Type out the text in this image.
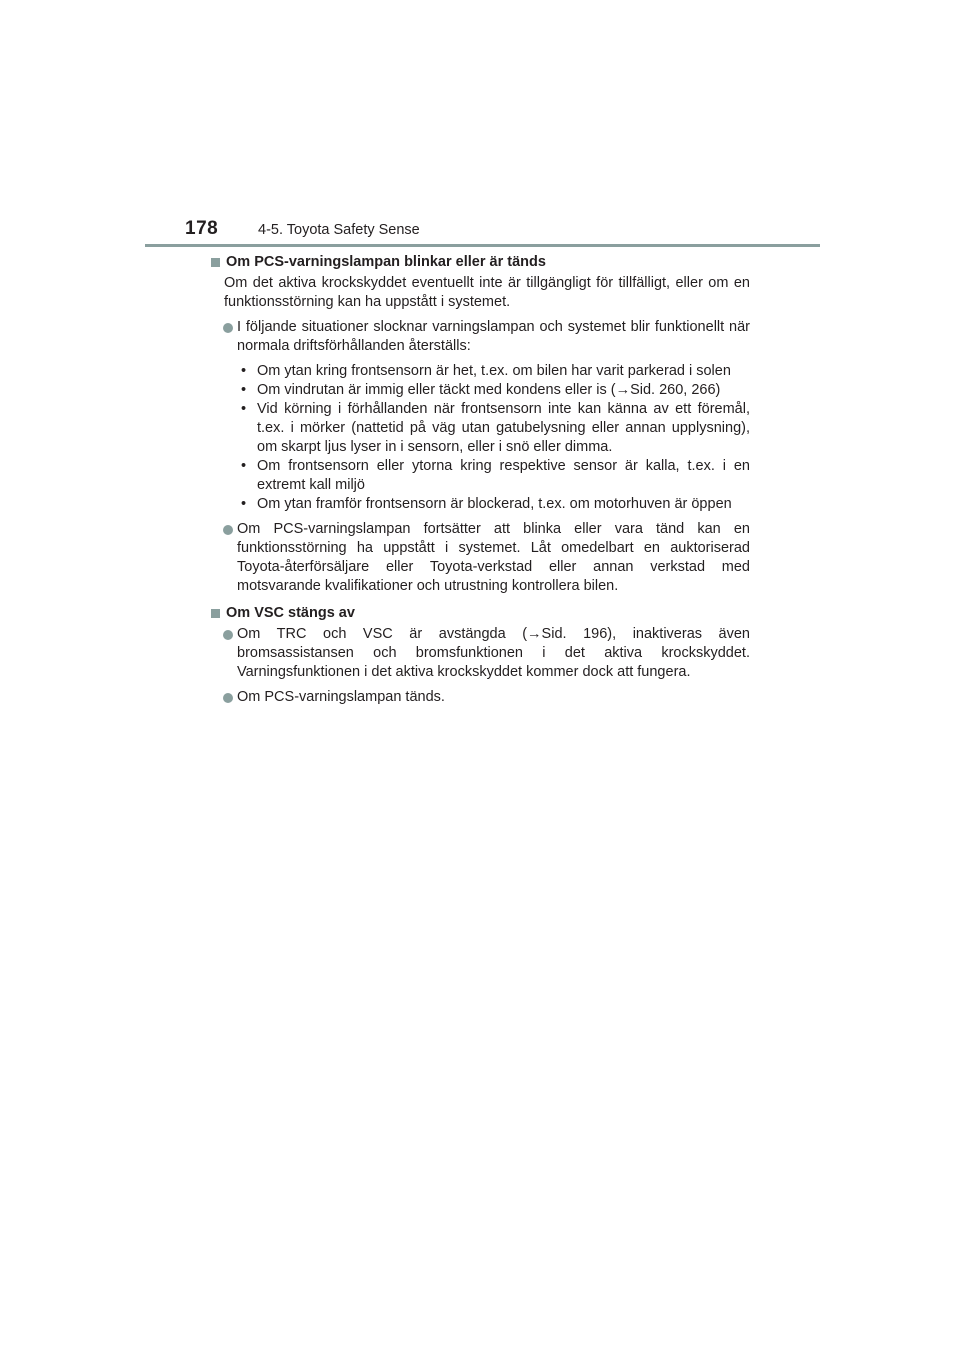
178	4-5. Toyota Safety Sense
Om PCS-varningslampan blinkar eller är tänds
Om det aktiva krockskyddet eventuellt inte är tillgängligt för tillfälligt, eller om en funktionsstörning kan ha uppstått i systemet.
I följande situationer slocknar varningslampan och systemet blir funktionellt när normala driftsförhållanden återställs:
• Om ytan kring frontsensorn är het, t.ex. om bilen har varit parkerad i solen
• Om vindrutan är immig eller täckt med kondens eller is (→Sid. 260, 266)
• Vid körning i förhållanden när frontsensorn inte kan känna av ett föremål, t.ex. i mörker (nattetid på väg utan gatubelysning eller annan upplysning), om skarpt ljus lyser in i sensorn, eller i snö eller dimma.
• Om frontsensorn eller ytorna kring respektive sensor är kalla, t.ex. i en extremt kall miljö
• Om ytan framför frontsensorn är blockerad, t.ex. om motorhuven är öppen
Om PCS-varningslampan fortsätter att blinka eller vara tänd kan en funktionsstörning ha uppstått i systemet. Låt omedelbart en auktoriserad Toyota-återförsäljare eller Toyota-verkstad eller annan verkstad med motsvarande kvalifikationer och utrustning kontrollera bilen.
Om VSC stängs av
Om TRC och VSC är avstängda (→Sid. 196), inaktiveras även bromsassistansen och bromsfunktionen i det aktiva krockskyddet. Varningsfunktionen i det aktiva krockskyddet kommer dock att fungera.
Om PCS-varningslampan tänds.
